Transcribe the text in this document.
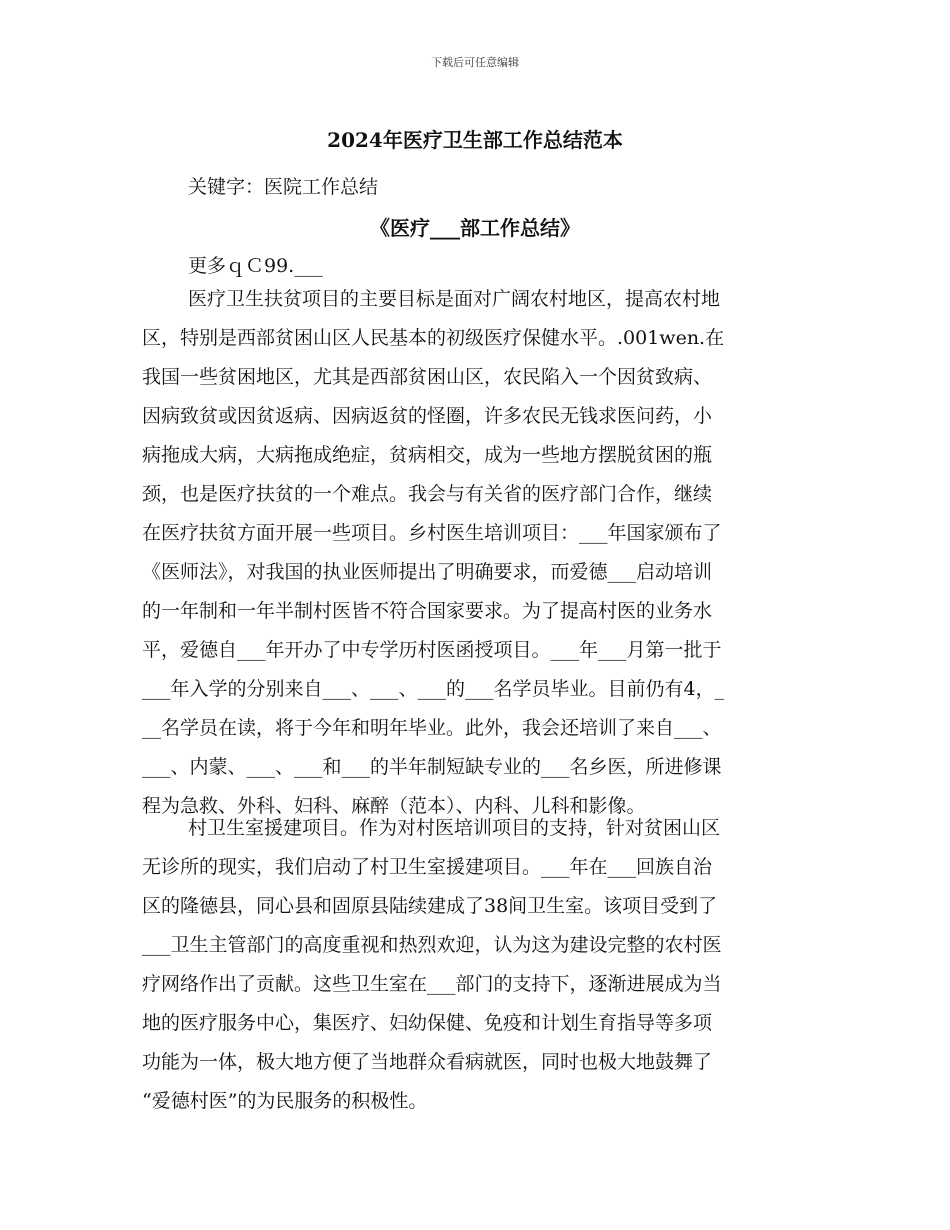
下载后可任意编辑
2024年医疗卫生部工作总结范本
关键字：医院工作总结
《医疗___部工作总结》
更多ｑＣ99.___
医疗卫生扶贫项目的主要目标是面对广阔农村地区，提高农村地
区，特别是西部贫困山区人民基本的初级医疗保健水平。.001wen.在
我国一些贫困地区，尤其是西部贫困山区，农民陷入一个因贫致病、
因病致贫或因贫返病、因病返贫的怪圈，许多农民无钱求医问药，小
病拖成大病，大病拖成绝症，贫病相交，成为一些地方摆脱贫困的瓶
颈，也是医疗扶贫的一个难点。我会与有关省的医疗部门合作，继续
在医疗扶贫方面开展一些项目。乡村医生培训项目：___年国家颁布了
《医师法》，对我国的执业医师提出了明确要求，而爱德___启动培训
的一年制和一年半制村医皆不符合国家要求。为了提高村医的业务水
平，爱德自___年开办了中专学历村医函授项目。___年___月第一批于
___年入学的分别来自___、___、___的___名学员毕业。目前仍有4，_
__名学员在读，将于今年和明年毕业。此外，我会还培训了来自___、
___、内蒙、___、___和___的半年制短缺专业的___名乡医，所进修课
程为急救、外科、妇科、麻醉（范本）、内科、儿科和影像。
村卫生室援建项目。作为对村医培训项目的支持，针对贫困山区
无诊所的现实，我们启动了村卫生室援建项目。___年在___回族自治
区的隆德县，同心县和固原县陆续建成了38间卫生室。该项目受到了
___卫生主管部门的高度重视和热烈欢迎，认为这为建设完整的农村医
疗网络作出了贡献。这些卫生室在___部门的支持下，逐渐进展成为当
地的医疗服务中心，集医疗、妇幼保健、免疫和计划生育指导等多项
功能为一体，极大地方便了当地群众看病就医，同时也极大地鼓舞了
“爱德村医”的为民服务的积极性。
